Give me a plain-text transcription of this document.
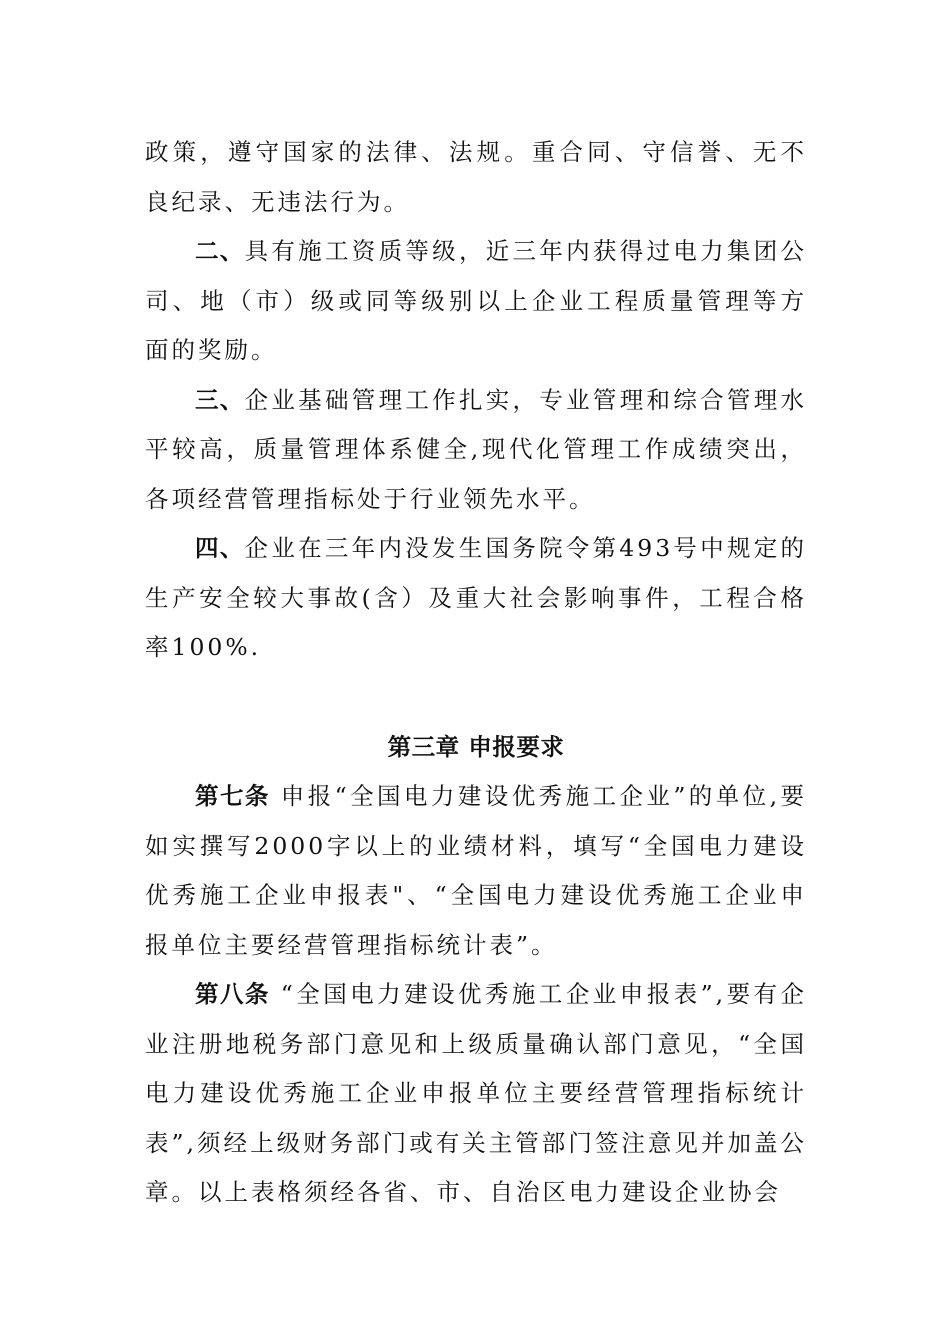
政策，遵守国家的法律、法规。重合同、守信誉、无不良纪录、无违法行为。

二、具有施工资质等级，近三年内获得过电力集团公司、地（市）级或同等级别以上企业工程质量管理等方面的奖励。

三、企业基础管理工作扎实，专业管理和综合管理水平较高，质量管理体系健全,现代化管理工作成绩突出，各项经营管理指标处于行业领先水平。

四、企业在三年内没发生国务院令第493号中规定的生产安全较大事故(含）及重大社会影响事件，工程合格率100%.

第三章 申报要求

第七条 申报“全国电力建设优秀施工企业”的单位,要如实撰写2000字以上的业绩材料，填写“全国电力建设优秀施工企业申报表"、“全国电力建设优秀施工企业申报单位主要经营管理指标统计表”。

第八条 “全国电力建设优秀施工企业申报表”,要有企业注册地税务部门意见和上级质量确认部门意见，“全国电力建设优秀施工企业申报单位主要经营管理指标统计表”,须经上级财务部门或有关主管部门签注意见并加盖公章。以上表格须经各省、市、自治区电力建设企业协会
